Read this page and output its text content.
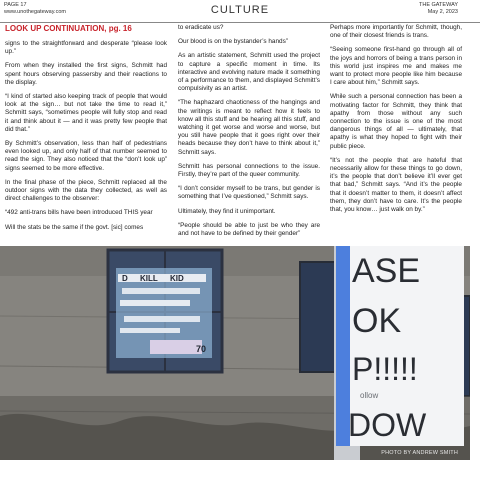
PAGE 17
www.unothegateway.com	CULTURE	THE GATEWAY
May 2, 2023

LOOK UP CONTINUATION, pg. 16

signs to the straightforward and desperate “please look up.”

From when they installed the first signs, Schmitt had spent hours observing passersby and their reactions to the display.

“I kind of started also keeping track of people that would look at the sign… but not take the time to read it,” Schmitt says, “sometimes people will fully stop and read it and think about it — and it was pretty few people that did that.”

By Schmitt’s observation, less than half of pedestrians even looked up, and only half of that number seemed to read the sign. They also noticed that the “don’t look up” signs seemed to be more effective.

In the final phase of the piece, Schmitt replaced all the outdoor signs with the data they collected, as well as direct challenges to the observer:

“492 anti-trans bills have been introduced THIS year

Will the stats be the same if the govt. [sic] comes

to eradicate us?

Our blood is on the bystander’s hands”

As an artistic statement, Schmitt used the project to capture a specific moment in time. Its interactive and evolving nature made it something of a performance to them, and displayed Schmitt’s compulsivity as an artist.

“The haphazard chaoticness of the hangings and the writings is meant to reflect how it feels to know all this stuff and be hearing all this stuff, and watching it get worse and worse and worse, but you still have people that it goes right over their heads because they don’t have to think about it,” Schmitt says.

Schmitt has personal connections to the issue. Firstly, they’re part of the queer community.

“I don’t consider myself to be trans, but gender is something that I’ve questioned,” Schmitt says.

Ultimately, they find it unimportant.

“People should be able to just be who they are and not have to be defined by their gender”

Perhaps more importantly for Schmitt, though, one of their closest friends is trans.

“Seeing someone first-hand go through all of the joys and horrors of being a trans person in this world just inspires me and makes me want to protect more people like him because I care about him,” Schmitt says.

While such a personal connection has been a motivating factor for Schmitt, they think that apathy from those without any such connection to the issue is one of the most dangerous things of all — ultimately, that apathy is what they hoped to fight with their public piece.

“It’s not the people that are hateful that necessarily allow for these things to go down, it’s the people that don’t believe it’ll ever get that bad,” Schmitt says. “And it’s the people that it doesn’t matter to them, it doesn’t affect them, they don’t have to care. It’s the people that, you know… just walk on by.”

D KILL KID
70
ASE
OK
P!!!!!
ollow
DOW
PHOTO BY ANDREW SMITH
